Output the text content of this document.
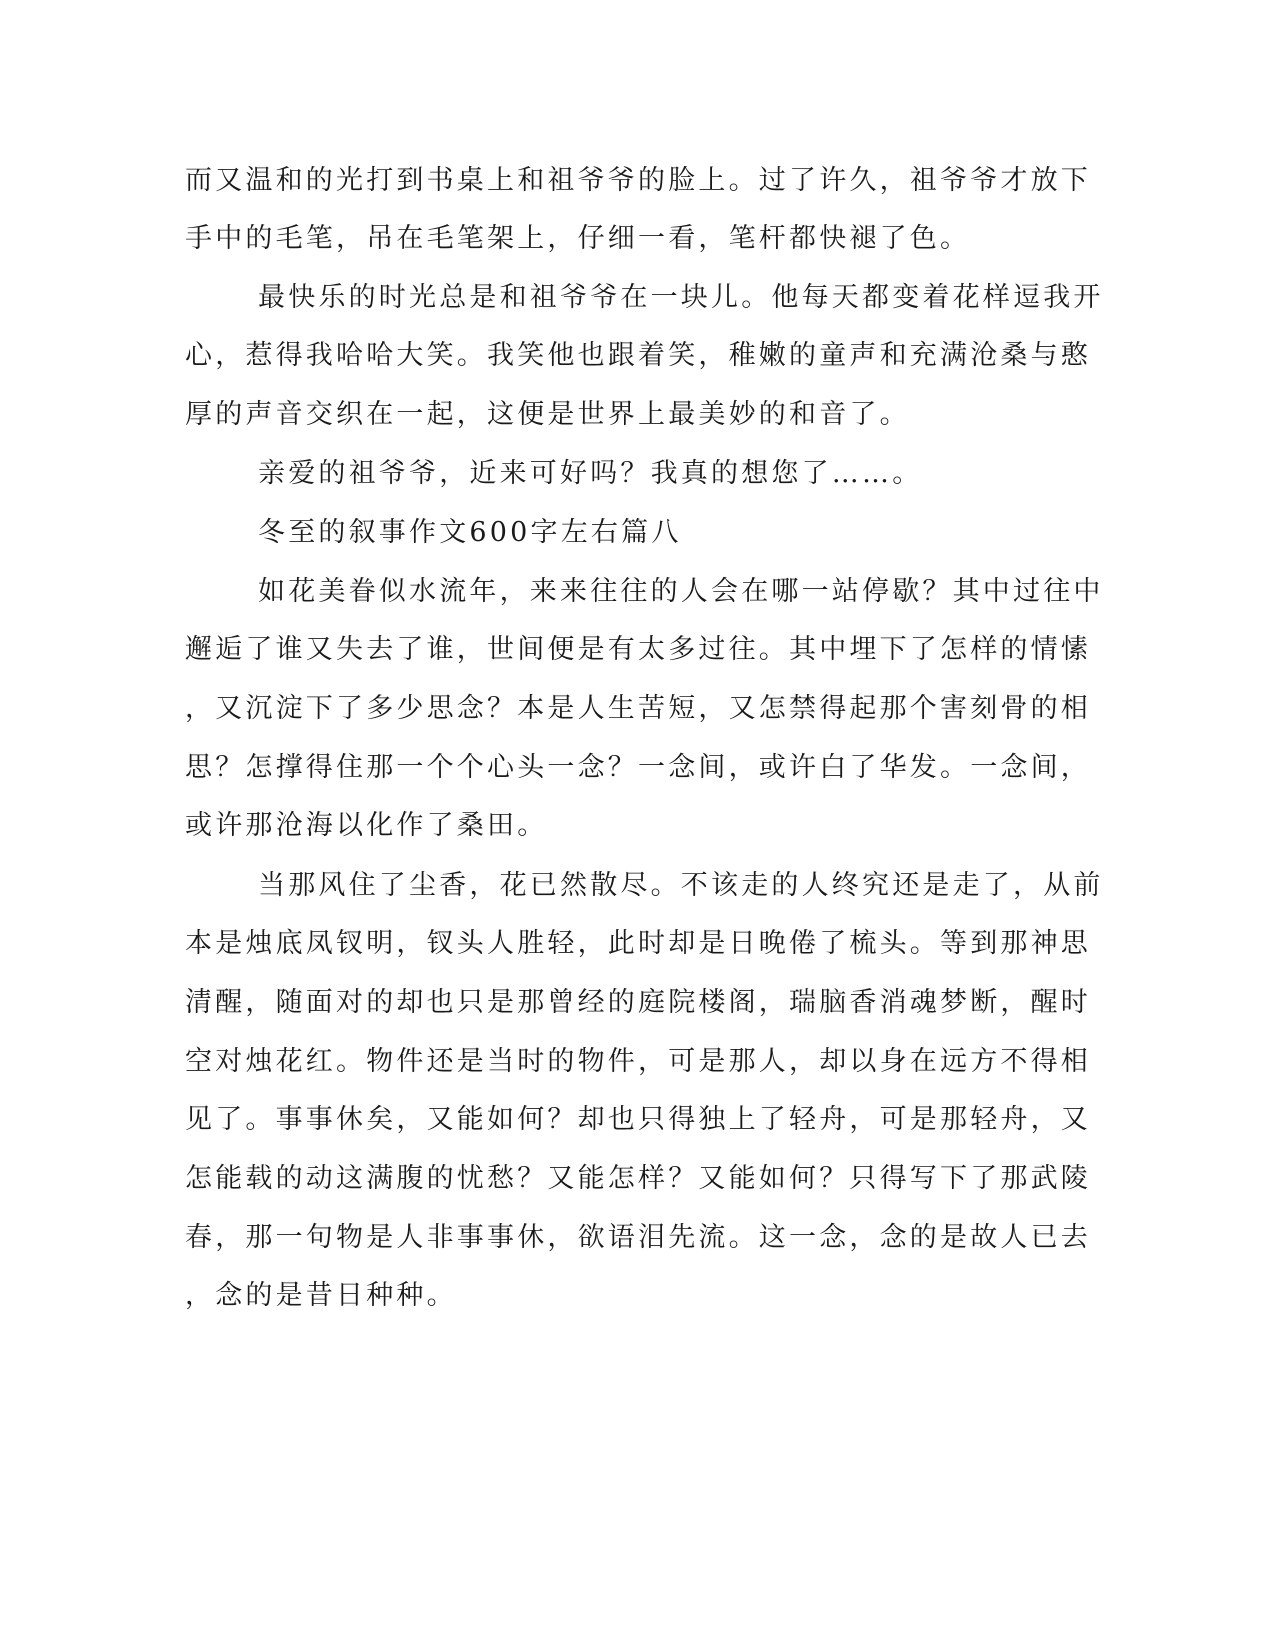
而又温和的光打到书桌上和祖爷爷的脸上。过了许久，祖爷爷才放下
手中的毛笔，吊在毛笔架上，仔细一看，笔杆都快褪了色。
最快乐的时光总是和祖爷爷在一块儿。他每天都变着花样逗我开
心，惹得我哈哈大笑。我笑他也跟着笑，稚嫩的童声和充满沧桑与憨
厚的声音交织在一起，这便是世界上最美妙的和音了。
亲爱的祖爷爷，近来可好吗？我真的想您了……。
冬至的叙事作文600字左右篇八
如花美眷似水流年，来来往往的人会在哪一站停歇？其中过往中
邂逅了谁又失去了谁，世间便是有太多过往。其中埋下了怎样的情愫
，又沉淀下了多少思念？本是人生苦短，又怎禁得起那个害刻骨的相
思？怎撑得住那一个个心头一念？一念间，或许白了华发。一念间，
或许那沧海以化作了桑田。
当那风住了尘香，花已然散尽。不该走的人终究还是走了，从前
本是烛底凤钗明，钗头人胜轻，此时却是日晚倦了梳头。等到那神思
清醒，随面对的却也只是那曾经的庭院楼阁，瑞脑香消魂梦断，醒时
空对烛花红。物件还是当时的物件，可是那人，却以身在远方不得相
见了。事事休矣，又能如何？却也只得独上了轻舟，可是那轻舟，又
怎能载的动这满腹的忧愁？又能怎样？又能如何？只得写下了那武陵
春，那一句物是人非事事休，欲语泪先流。这一念，念的是故人已去
，念的是昔日种种。
